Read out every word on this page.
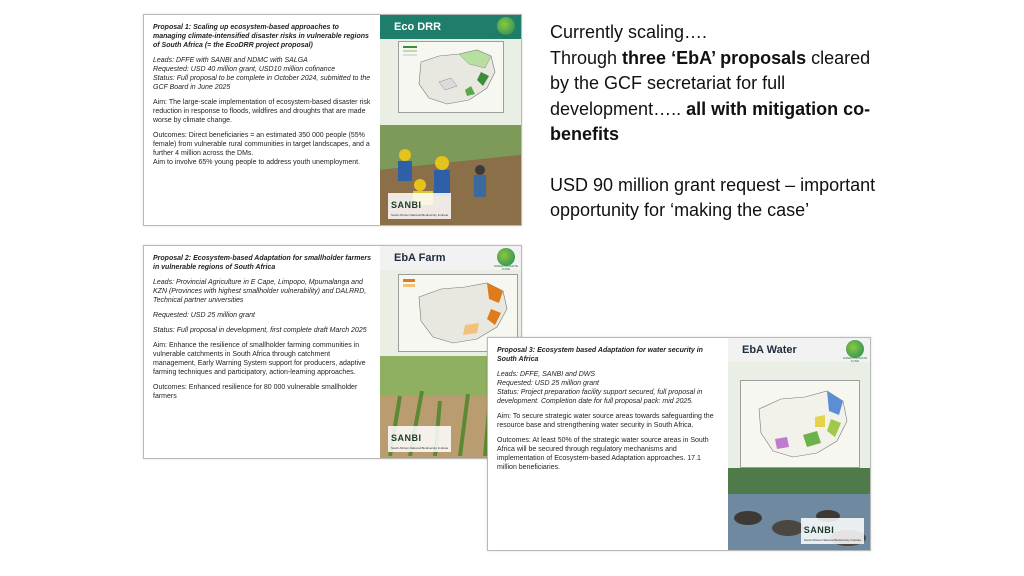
Proposal 1: Scaling up ecosystem-based approaches to managing climate-intensified disaster risks in vulnerable regions of South Africa (= the EcoDRR project proposal)

Leads: DFFE with SANBI and NDMC with SALGA

Requested: USD 40 million grant, USD10 million cofinance

Status: Full proposal to be complete in October 2024, submitted to the GCF Board in June 2025

Aim: The large-scale implementation of ecosystem-based disaster risk reduction in response to floods, wildfires and droughts that are made worse by climate change.

Outcomes: Direct beneficiaries = an estimated 350 000 people (55% female) from vulnerable rural communities in target landscapes, and a further 4 million across the DMs.

Aim to involve 65% young people to address youth unemployment.

Eco DRR
GREEN CLIMATE FUND
SANBI
South African National Biodiversity Institute

Proposal 2: Ecosystem-based Adaptation for smallholder farmers in vulnerable regions of South Africa

Leads: Provincial Agriculture in E Cape, Limpopo, Mpumalanga and KZN (Provinces with highest smallholder vulnerability) and DALRRD, Technical partner universities

Requested: USD 25 million grant

Status: Full proposal in development, first complete draft March 2025

Aim: Enhance the resilience of smallholder farming communities in vulnerable catchments in South Africa through catchment management, Early Warning System support for producers, adaptive farming techniques and participatory, action-learning approaches.

Outcomes: Enhanced resilience for 80 000 vulnerable smallholder farmers

EbA Farm
GREEN CLIMATE FUND
SANBI
South African National Biodiversity Institute

Proposal 3: Ecosystem based Adaptation for water security in South Africa

Leads: DFFE, SANBI and DWS

Requested: USD 25 million grant

Status: Project preparation facility support secured, full proposal in development. Completion date for full proposal pack: mid 2025.

Aim: To secure strategic water source areas towards safeguarding the resource base and strengthening water security in South Africa.

Outcomes: At least 50% of the strategic water source areas in South Africa will be secured through regulatory mechanisms and implementation of Ecosystem-based Adaptation approaches. 17.1 million beneficiaries.

EbA Water
GREEN CLIMATE FUND
SANBI
South African National Biodiversity Institute

Currently scaling….
Through three ‘EbA’ proposals cleared by the GCF secretariat for full development….. all with mitigation co-benefits

USD 90 million grant request – important opportunity for ‘making the case’
